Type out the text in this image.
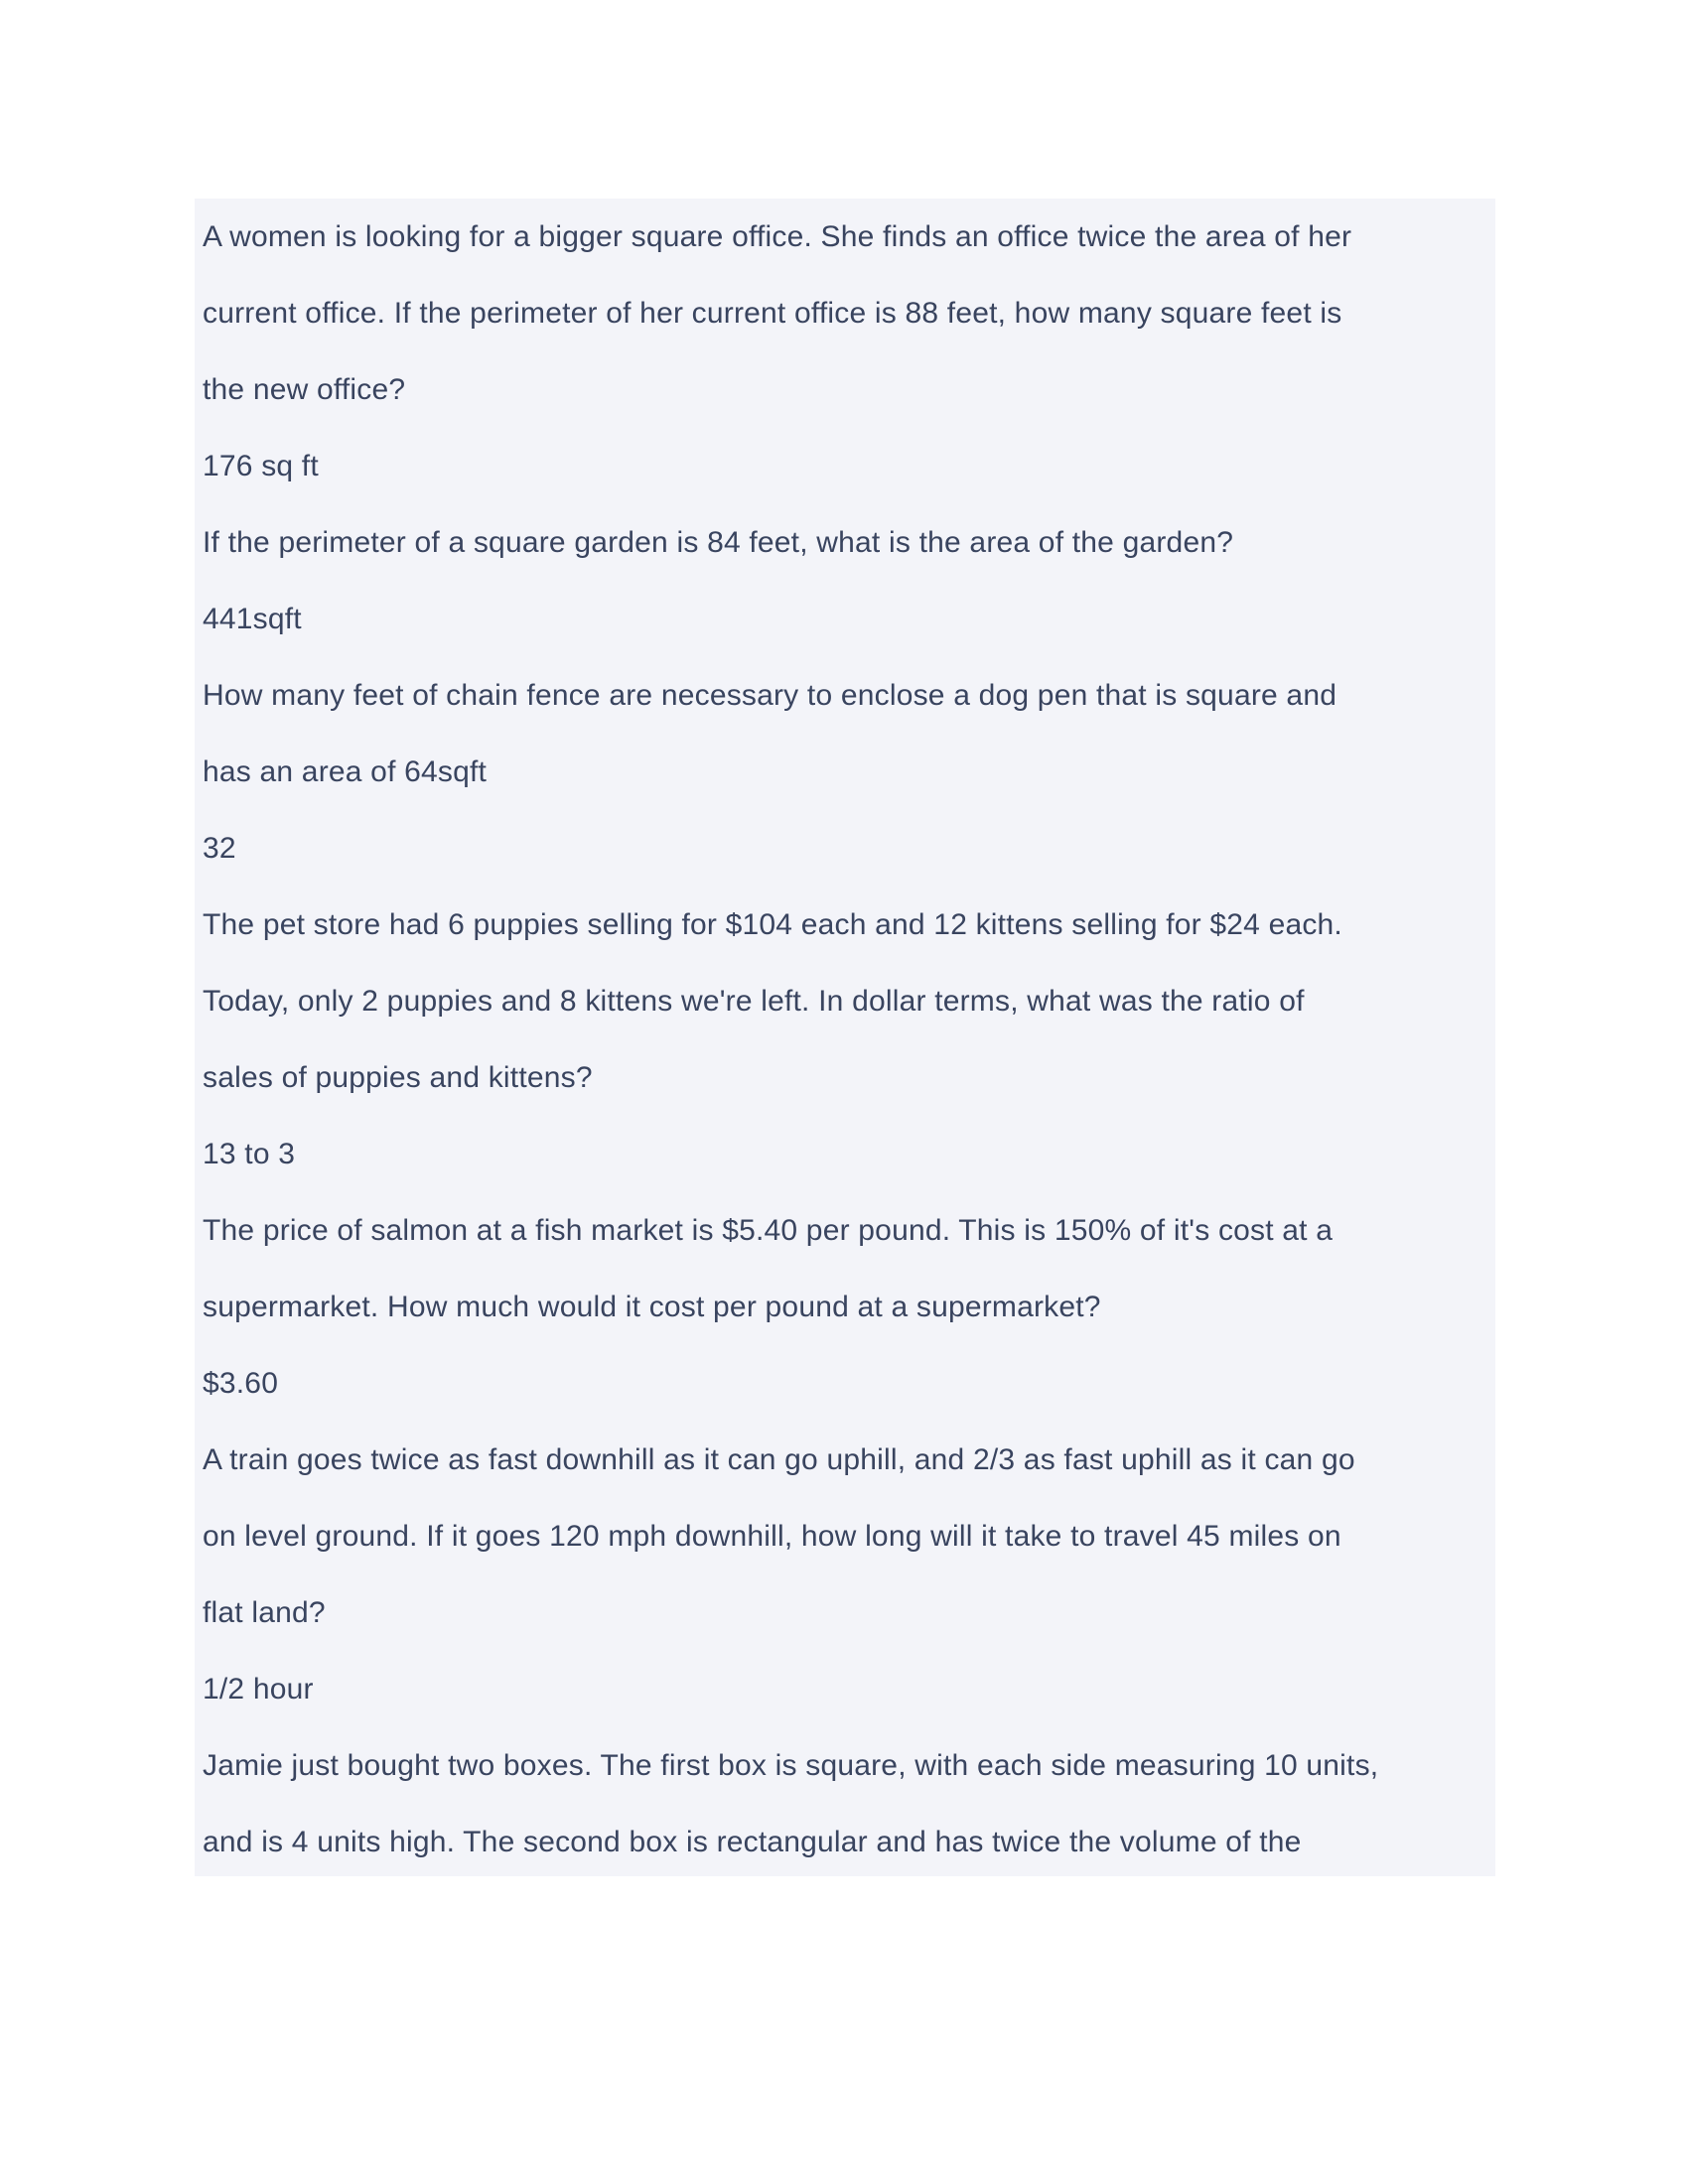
A women is looking for a bigger square office. She finds an office twice the area of her
current office. If the perimeter of her current office is 88 feet, how many square feet is
the new office?
176 sq ft
If the perimeter of a square garden is 84 feet, what is the area of the garden?
441sqft
How many feet of chain fence are necessary to enclose a dog pen that is square and
has an area of 64sqft
32
The pet store had 6 puppies selling for $104 each and 12 kittens selling for $24 each.
Today, only 2 puppies and 8 kittens we're left. In dollar terms, what was the ratio of
sales of puppies and kittens?
13 to 3
The price of salmon at a fish market is $5.40 per pound. This is 150% of it's cost at a
supermarket. How much would it cost per pound at a supermarket?
$3.60
A train goes twice as fast downhill as it can go uphill, and 2/3 as fast uphill as it can go
on level ground. If it goes 120 mph downhill, how long will it take to travel 45 miles on
flat land?
1/2 hour
Jamie just bought two boxes. The first box is square, with each side measuring 10 units,
and is 4 units high. The second box is rectangular and has twice the volume of the
